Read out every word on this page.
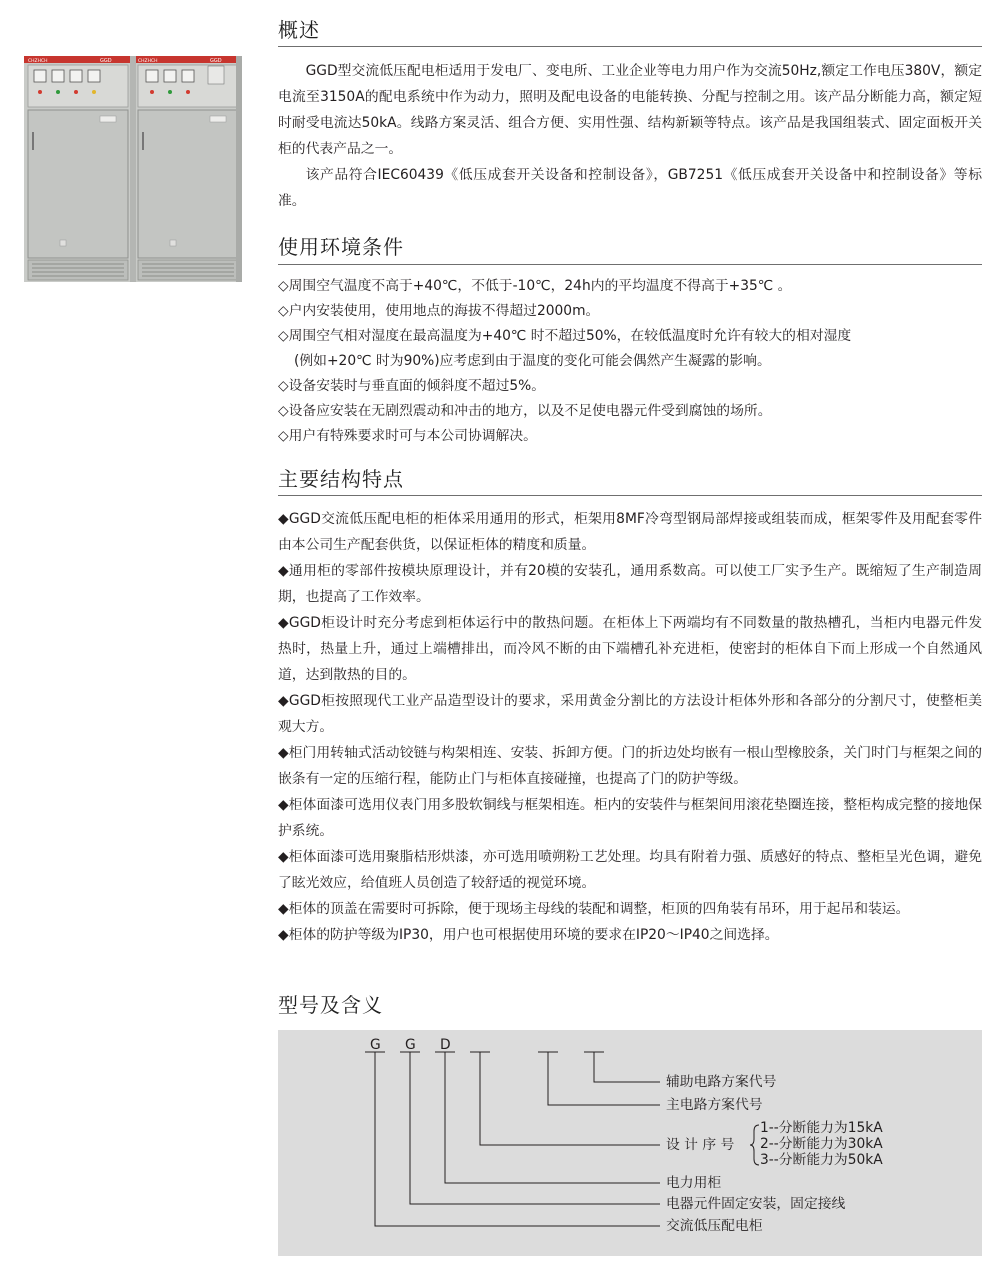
CHZHCH	GGD	CHZHCH	GGD
概述

GGD型交流低压配电柜适用于发电厂、变电所、工业企业等电力用户作为交流50Hz,额定工作电压380V，额定电流至3150A的配电系统中作为动力，照明及配电设备的电能转换、分配与控制之用。该产品分断能力高，额定短时耐受电流达50kA。线路方案灵活、组合方便、实用性强、结构新颖等特点。该产品是我国组装式、固定面板开关柜的代表产品之一。

该产品符合IEC60439《低压成套开关设备和控制设备》，GB7251《低压成套开关设备中和控制设备》等标准。

使用环境条件
◇周围空气温度不高于+40℃，不低于-10℃，24h内的平均温度不得高于+35℃ 。
◇户内安装使用，使用地点的海拔不得超过2000m。
◇周围空气相对湿度在最高温度为+40℃ 时不超过50%，在较低温度时允许有较大的相对湿度
(例如+20℃ 时为90%)应考虑到由于温度的变化可能会偶然产生凝露的影响。
◇设备安装时与垂直面的倾斜度不超过5%。
◇设备应安装在无剧烈震动和冲击的地方，以及不足使电器元件受到腐蚀的场所。
◇用户有特殊要求时可与本公司协调解决。
主要结构特点
◆GGD交流低压配电柜的柜体采用通用的形式，柜架用8MF冷弯型钢局部焊接或组装而成，框架零件及用配套零件由本公司生产配套供货，以保证柜体的精度和质量。
◆通用柜的零部件按模块原理设计，并有20模的安装孔，通用系数高。可以使工厂实予生产。既缩短了生产制造周期，也提高了工作效率。
◆GGD柜设计时充分考虑到柜体运行中的散热问题。在柜体上下两端均有不同数量的散热槽孔，当柜内电器元件发热时，热量上升，通过上端槽排出，而冷风不断的由下端槽孔补充进柜，使密封的柜体自下而上形成一个自然通风道，达到散热的目的。
◆GGD柜按照现代工业产品造型设计的要求，采用黄金分割比的方法设计柜体外形和各部分的分割尺寸，使整柜美观大方。
◆柜门用转轴式活动铰链与构架相连、安装、拆卸方便。门的折边处均嵌有一根山型橡胶条，关门时门与框架之间的嵌条有一定的压缩行程，能防止门与柜体直接碰撞，也提高了门的防护等级。
◆柜体面漆可选用仪表门用多股软铜线与框架相连。柜内的安装件与框架间用滚花垫圈连接，整柜构成完整的接地保护系统。
◆柜体面漆可选用聚脂桔形烘漆，亦可选用喷朔粉工艺处理。均具有附着力强、质感好的特点、整柜呈光色调，避免了眩光效应，给值班人员创造了较舒适的视觉环境。
◆柜体的顶盖在需要时可拆除，便于现场主母线的装配和调整，柜顶的四角装有吊环，用于起吊和装运。
◆柜体的防护等级为IP30，用户也可根据使用环境的要求在IP20～IP40之间选择。
型号及含义
G G D
辅助电路方案代号
主电路方案代号
设 计 序 号
1--分断能力为15kA
2--分断能力为30kA
3--分断能力为50kA
电力用柜
电器元件固定安装，固定接线
交流低压配电柜
